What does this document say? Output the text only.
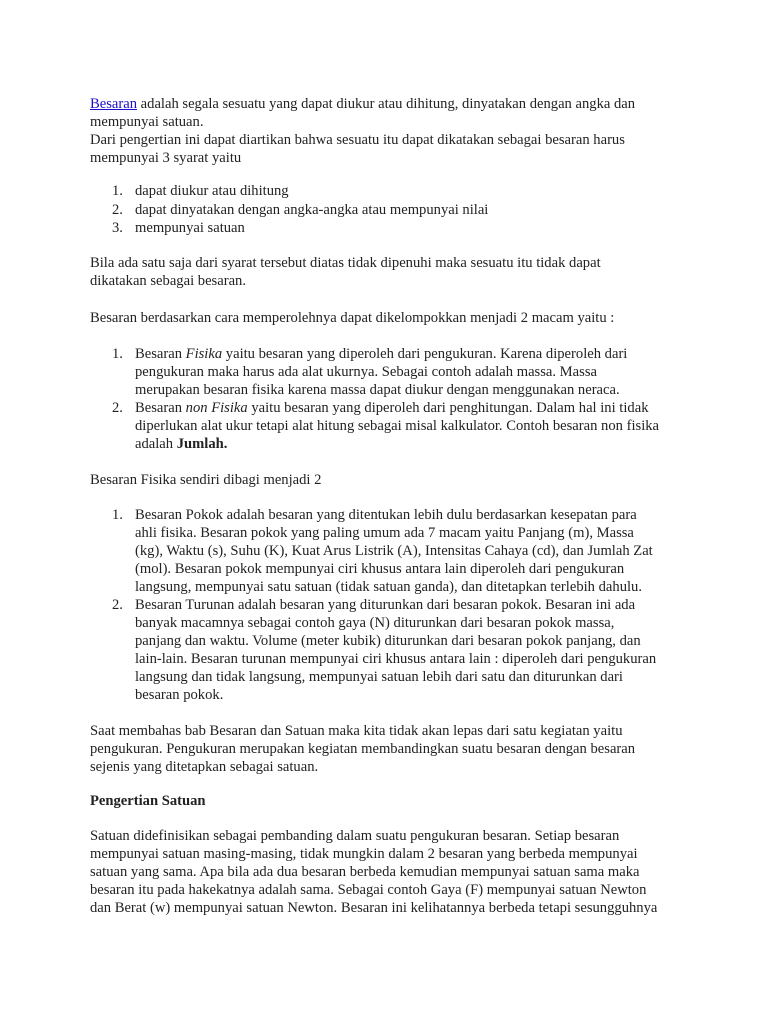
Besaran adalah segala sesuatu yang dapat diukur atau dihitung, dinyatakan dengan angka dan
mempunyai satuan.
Dari pengertian ini dapat diartikan bahwa sesuatu itu dapat dikatakan sebagai besaran harus
mempunyai 3 syarat yaitu
1. dapat diukur atau dihitung
2. dapat dinyatakan dengan angka-angka atau mempunyai nilai
3. mempunyai satuan
Bila ada satu saja dari syarat tersebut diatas tidak dipenuhi maka sesuatu itu tidak dapat
dikatakan sebagai besaran.
Besaran berdasarkan cara memperolehnya dapat dikelompokkan menjadi 2 macam yaitu :
1. Besaran Fisika yaitu besaran yang diperoleh dari pengukuran. Karena diperoleh dari
pengukuran maka harus ada alat ukurnya. Sebagai contoh adalah massa. Massa
merupakan besaran fisika karena massa dapat diukur dengan menggunakan neraca.
2. Besaran non Fisika yaitu besaran yang diperoleh dari penghitungan. Dalam hal ini tidak
diperlukan alat ukur tetapi alat hitung sebagai misal kalkulator. Contoh besaran non fisika
adalah Jumlah.
Besaran Fisika sendiri dibagi menjadi 2
1. Besaran Pokok adalah besaran yang ditentukan lebih dulu berdasarkan kesepatan para
ahli fisika. Besaran pokok yang paling umum ada 7 macam yaitu Panjang (m), Massa
(kg), Waktu (s), Suhu (K), Kuat Arus Listrik (A), Intensitas Cahaya (cd), dan Jumlah Zat
(mol). Besaran pokok mempunyai ciri khusus antara lain diperoleh dari pengukuran
langsung, mempunyai satu satuan (tidak satuan ganda), dan ditetapkan terlebih dahulu.
2. Besaran Turunan adalah besaran yang diturunkan dari besaran pokok. Besaran ini ada
banyak macamnya sebagai contoh gaya (N) diturunkan dari besaran pokok massa,
panjang dan waktu. Volume (meter kubik) diturunkan dari besaran pokok panjang, dan
lain-lain. Besaran turunan mempunyai ciri khusus antara lain : diperoleh dari pengukuran
langsung dan tidak langsung, mempunyai satuan lebih dari satu dan diturunkan dari
besaran pokok.
Saat membahas bab Besaran dan Satuan maka kita tidak akan lepas dari satu kegiatan yaitu
pengukuran. Pengukuran merupakan kegiatan membandingkan suatu besaran dengan besaran
sejenis yang ditetapkan sebagai satuan.
Pengertian Satuan
Satuan didefinisikan sebagai pembanding dalam suatu pengukuran besaran. Setiap besaran
mempunyai satuan masing-masing, tidak mungkin dalam 2 besaran yang berbeda mempunyai
satuan yang sama. Apa bila ada dua besaran berbeda kemudian mempunyai satuan sama maka
besaran itu pada hakekatnya adalah sama. Sebagai contoh Gaya (F) mempunyai satuan Newton
dan Berat (w) mempunyai satuan Newton. Besaran ini kelihatannya berbeda tetapi sesungguhnya
